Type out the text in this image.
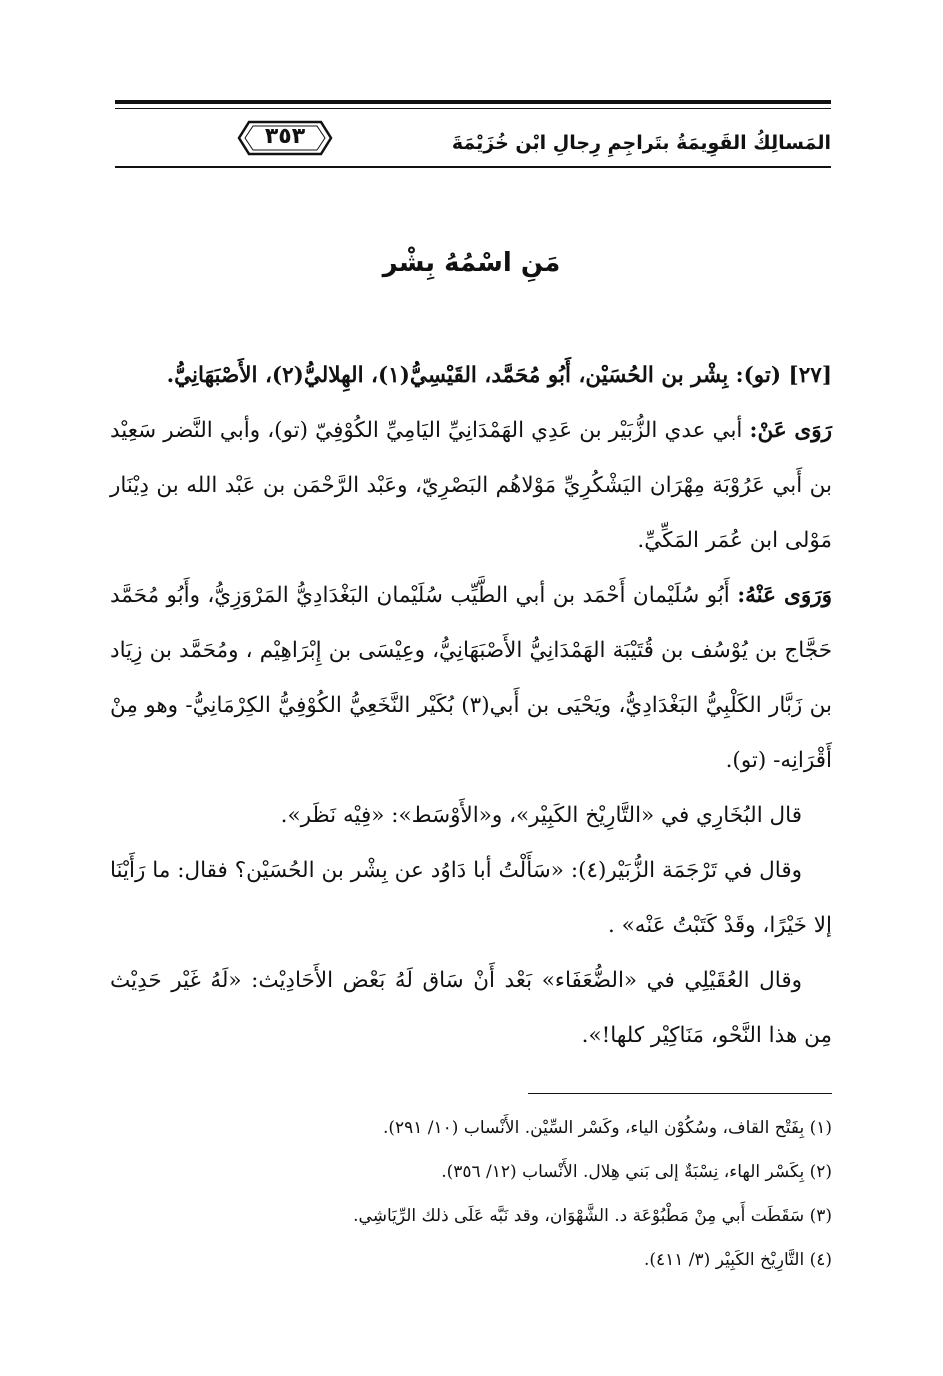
٣٥٣	المَسالِكُ القَوِيمَةُ بتَراجِمِ رِجالِ ابْن خُزَيْمَةَ
مَنِ اسْمُهُ بِشْر

[٢٧] (تو): بِشْر بن الحُسَيْن، أَبُو مُحَمَّد، القَيْسِيُّ(١)، الهِلاليُّ(٢)، الأَصْبَهَانِيُّ.

رَوَى عَنْ: أبي عدي الزُّبَيْر بن عَدِي الهَمْدَانِيِّ اليَامِيِّ الكُوْفِيّ (تو)، وأبي النَّضر سَعِيْد بن أَبي عَرُوْبَة مِهْرَان اليَشْكُرِيِّ مَوْلاهُم البَصْرِيّ، وعَبْد الرَّحْمَن بن عَبْد الله بن دِيْنَار مَوْلى ابن عُمَر المَكِّيِّ.

وَرَوَى عَنْهُ: أَبُو سُلَيْمان أَحْمَد بن أبي الطَّيِّب سُلَيْمان البَغْدَادِيُّ المَرْوَزِيُّ، وأَبُو مُحَمَّد حَجَّاج بن يُوْسُف بن قُتَيْبَة الهَمْدَانِيُّ الأَصْبَهَانِيُّ، وعِيْسَى بن إِبْرَاهِيْم ، ومُحَمَّد بن زِيَاد بن زَبَّار الكَلْبِيُّ البَغْدَادِيُّ، ويَحْيَى بن أَبي(٣) بُكَيْر النَّخَعِيُّ الكُوْفِيُّ الكِرْمَانِيُّ- وهو مِنْ أَقْرَانِه- (تو).

قال البُخَارِي في «التَّارِيْخ الكَبِيْر»، و«الأَوْسَط»: «فِيْه نَظَر».

وقال في تَرْجَمَة الزُّبَيْر(٤): «سَأَلْتُ أبا دَاوُد عن بِشْر بن الحُسَيْن؟ فقال: ما رَأَيْنَا إلا خَيْرًا، وقَدْ كَتَبْتُ عَنْه» .

وقال العُقَيْلِي في «الضُّعَفَاء» بَعْد أَنْ سَاق لَهُ بَعْض الأَحَادِيْث: «لَهُ غَيْر حَدِيْث مِن هذا النَّحْو، مَنَاكِيْر كلها!».

(١) بِفَتْح القاف، وسُكُوْن الياء، وكَسْر السِّيْن. الأَنْساب (١٠/ ٢٩١).

(٢) بِكَسْر الهاء، نِسْبَةٌ إلى بَني هِلال. الأَنْساب (١٢/ ٣٥٦).

(٣) سَقَطَت أَبي مِنْ مَطْبُوْعَة د. الشَّهْوَان، وقد نَبَّه عَلَى ذلك الرِّيَاشِي.

(٤) التَّارِيْخ الكَبِيْر (٣/ ٤١١).
